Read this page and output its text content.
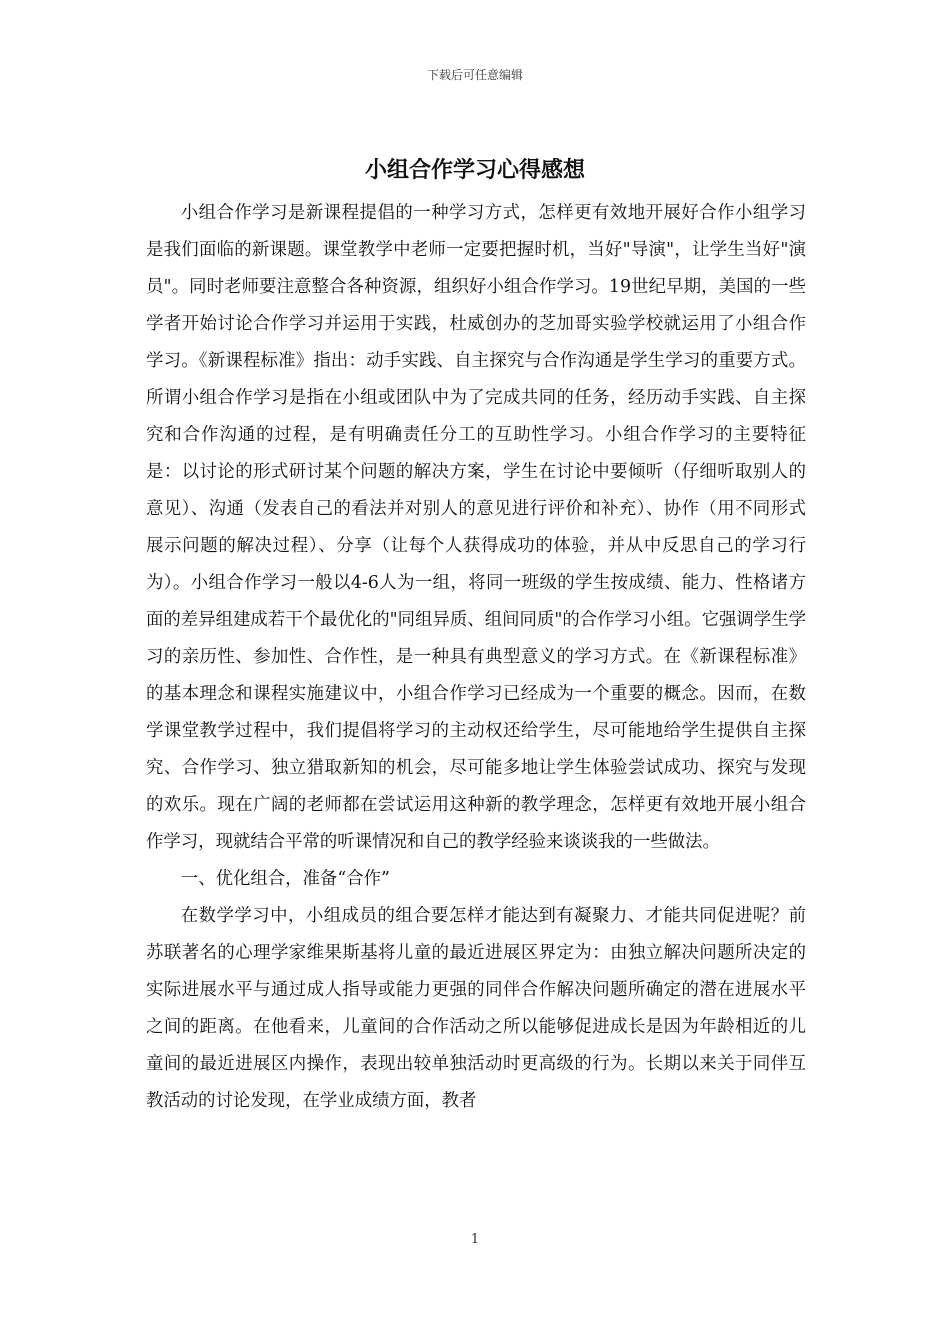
下载后可任意编辑
小组合作学习心得感想

小组合作学习是新课程提倡的一种学习方式，怎样更有效地开展好合作小组学习是我们面临的新课题。课堂教学中老师一定要把握时机，当好"导演"，让学生当好"演员"。同时老师要注意整合各种资源，组织好小组合作学习。19世纪早期，美国的一些学者开始讨论合作学习并运用于实践，杜威创办的芝加哥实验学校就运用了小组合作学习。《新课程标准》指出：动手实践、自主探究与合作沟通是学生学习的重要方式。所谓小组合作学习是指在小组或团队中为了完成共同的任务，经历动手实践、自主探究和合作沟通的过程，是有明确责任分工的互助性学习。小组合作学习的主要特征是：以讨论的形式研讨某个问题的解决方案，学生在讨论中要倾听（仔细听取别人的意见）、沟通（发表自己的看法并对别人的意见进行评价和补充）、协作（用不同形式展示问题的解决过程）、分享（让每个人获得成功的体验，并从中反思自己的学习行为）。小组合作学习一般以4-6人为一组，将同一班级的学生按成绩、能力、性格诸方面的差异组建成若干个最优化的"同组异质、组间同质"的合作学习小组。它强调学生学习的亲历性、参加性、合作性，是一种具有典型意义的学习方式。在《新课程标准》的基本理念和课程实施建议中，小组合作学习已经成为一个重要的概念。因而，在数学课堂教学过程中，我们提倡将学习的主动权还给学生，尽可能地给学生提供自主探究、合作学习、独立猎取新知的机会，尽可能多地让学生体验尝试成功、探究与发现的欢乐。现在广阔的老师都在尝试运用这种新的教学理念，怎样更有效地开展小组合作学习，现就结合平常的听课情况和自己的教学经验来谈谈我的一些做法。

一、优化组合，准备“合作”

在数学学习中，小组成员的组合要怎样才能达到有凝聚力、才能共同促进呢？前苏联著名的心理学家维果斯基将儿童的最近进展区界定为：由独立解决问题所决定的实际进展水平与通过成人指导或能力更强的同伴合作解决问题所确定的潜在进展水平之间的距离。在他看来，儿童间的合作活动之所以能够促进成长是因为年龄相近的儿童间的最近进展区内操作，表现出较单独活动时更高级的行为。长期以来关于同伴互教活动的讨论发现，在学业成绩方面，教者

1
